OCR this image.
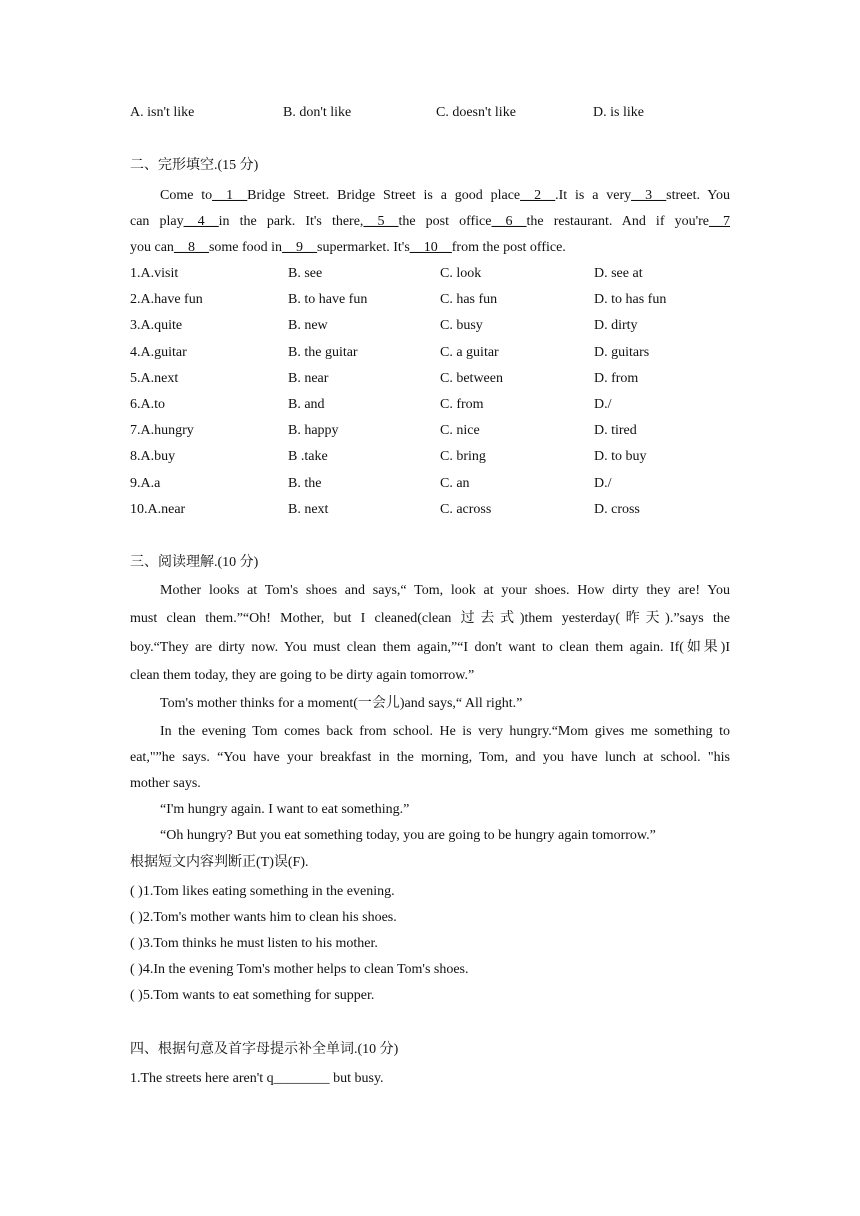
A. isn't like	B. don't like	C. doesn't like	D. is like
二、完形填空.(15 分)
Come to__1__Bridge Street. Bridge Street is a good place__2__.It is a very__3__street. You
can play__4__in the park. It's there,__5__the post office__6__the restaurant. And if you're__7
you can__8__some food in__9__supermarket. It's__10__from the post office.
1.A.visit	B. see	C. look	D. see at
2.A.have fun	B. to have fun	C. has fun	D. to has fun
3.A.quite	B. new	C. busy	D. dirty
4.A.guitar	B. the guitar	C. a guitar	D. guitars
5.A.next	B. near	C. between	D. from
6.A.to	B. and	C. from	D./
7.A.hungry	B. happy	C. nice	D. tired
8.A.buy	B .take	C. bring	D. to buy
9.A.a	B. the	C. an	D./
10.A.near	B. next	C. across	D. cross
三、阅读理解.(10 分)
Mother looks at Tom's shoes and says,“ Tom, look at your shoes. How dirty they are! You
must clean them.”“Oh! Mother, but I cleaned(clean 过去式)them yesterday(昨天).”says the
boy.“They are dirty now. You must clean them again,”“I don't want to clean them again. If(如果)I
clean them today, they are going to be dirty again tomorrow.”
Tom's mother thinks for a moment(一会儿)and says,“ All right.”
In the evening Tom comes back from school. He is very hungry.“Mom gives me something to
eat,"”he says. “You have your breakfast in the morning, Tom, and you have lunch at school. "his
mother says.
“I'm hungry again. I want to eat something.”
“Oh hungry? But you eat something today, you are going to be hungry again tomorrow.”
根据短文内容判断正(T)误(F).
( )1.Tom likes eating something in the evening.
( )2.Tom's mother wants him to clean his shoes.
( )3.Tom thinks he must listen to his mother.
( )4.In the evening Tom's mother helps to clean Tom's shoes.
( )5.Tom wants to eat something for supper.
四、根据句意及首字母提示补全单词.(10 分)
1.The streets here aren't q________ but busy.
